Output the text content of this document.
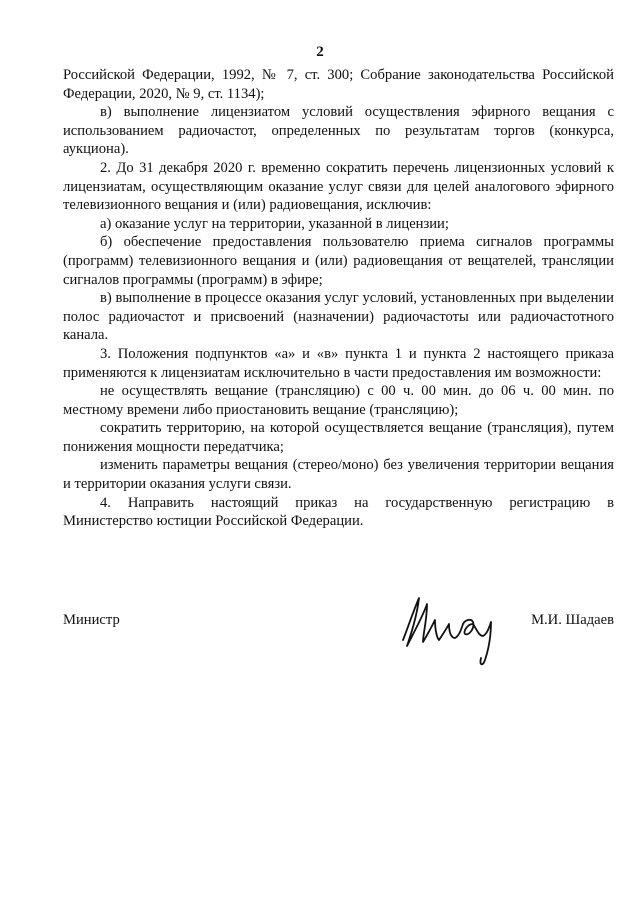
2

Российской Федерации, 1992, № 7, ст. 300; Собрание законодательства Российской Федерации, 2020, № 9, ст. 1134);

в) выполнение лицензиатом условий осуществления эфирного вещания с использованием радиочастот, определенных по результатам торгов (конкурса, аукциона).

2. До 31 декабря 2020 г. временно сократить перечень лицензионных условий к лицензиатам, осуществляющим оказание услуг связи для целей аналогового эфирного телевизионного вещания и (или) радиовещания, исключив:

а) оказание услуг на территории, указанной в лицензии;

б) обеспечение предоставления пользователю приема сигналов программы (программ) телевизионного вещания и (или) радиовещания от вещателей, трансляции сигналов программы (программ) в эфире;

в) выполнение в процессе оказания услуг условий, установленных при выделении полос радиочастот и присвоений (назначении) радиочастоты или радиочастотного канала.

3. Положения подпунктов «а» и «в» пункта 1 и пункта 2 настоящего приказа применяются к лицензиатам исключительно в части предоставления им возможности:

не осуществлять вещание (трансляцию) с 00 ч. 00 мин. до 06 ч. 00 мин. по местному времени либо приостановить вещание (трансляцию);

сократить территорию, на которой осуществляется вещание (трансляция), путем понижения мощности передатчика;

изменить параметры вещания (стерео/моно) без увеличения территории вещания и территории оказания услуги связи.

4. Направить настоящий приказ на государственную регистрацию в Министерство юстиции Российской Федерации.

Министр	М.И. Шадаев
